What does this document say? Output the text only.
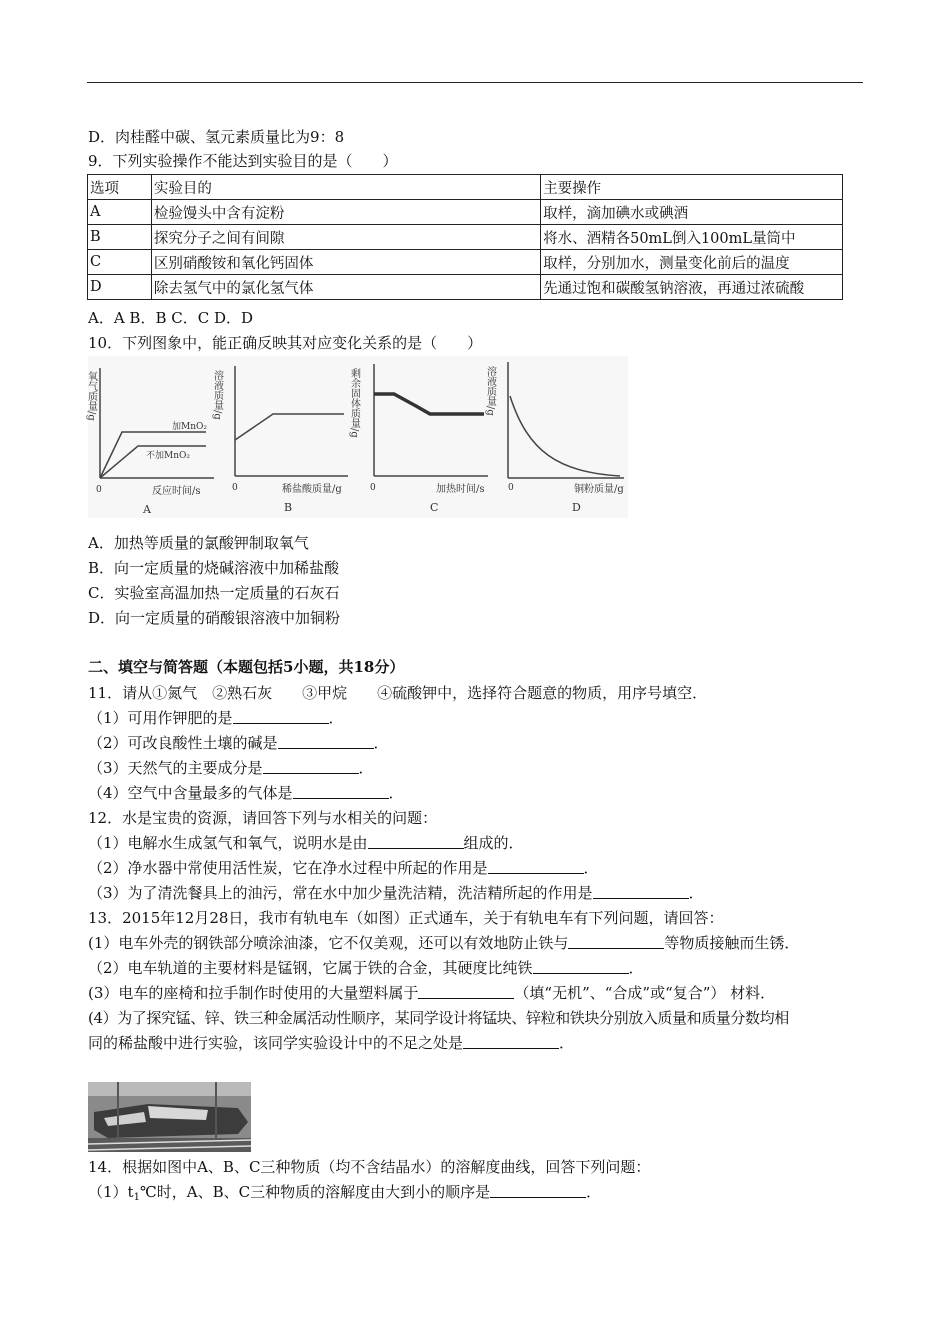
D．肉桂醛中碳、氢元素质量比为9：8
9．下列实验操作不能达到实验目的是（　　）
选项	实验目的	主要操作
A	检验馒头中含有淀粉	取样，滴加碘水或碘酒
B	探究分子之间有间隙	将水、酒精各50mL倒入100mL量筒中
C	区别硝酸铵和氧化钙固体	取样，分别加水，测量变化前后的温度
D	除去氢气中的氯化氢气体	先通过饱和碳酸氢钠溶液，再通过浓硫酸
A．A B．B C．C D．D
10．下列图象中，能正确反映其对应变化关系的是（　　）
氧气质量/g
加MnO₂
不加MnO₂
0	反应时间/s
A
溶液质量/g
0	稀盐酸质量/g
B
剩余固体质量/g
0	加热时间/s
C
溶液质量/g
0	铜粉质量/g
D
A．加热等质量的氯酸钾制取氧气
B．向一定质量的烧碱溶液中加稀盐酸
C．实验室高温加热一定质量的石灰石
D．向一定质量的硝酸银溶液中加铜粉
二、填空与简答题（本题包括5小题，共18分）
11．请从①氮气　②熟石灰　　③甲烷　　④硫酸钾中，选择符合题意的物质，用序号填空．
（1）可用作钾肥的是	．
（2）可改良酸性土壤的碱是	．
（3）天然气的主要成分是	．
（4）空气中含量最多的气体是	．
12．水是宝贵的资源，请回答下列与水相关的问题：
（1）电解水生成氢气和氧气，说明水是由	组成的．
（2）净水器中常使用活性炭，它在净水过程中所起的作用是	．
（3）为了清洗餐具上的油污，常在水中加少量洗洁精，洗洁精所起的作用是	．
13．2015年12月28日，我市有轨电车（如图）正式通车，关于有轨电车有下列问题，请回答：
(1）电车外壳的钢铁部分喷涂油漆，它不仅美观，还可以有效地防止铁与	等物质接触而生锈．
（2）电车轨道的主要材料是锰钢，它属于铁的合金，其硬度比纯铁	．
(3）电车的座椅和拉手制作时使用的大量塑料属于	（填“无机”、“合成”或“复合”） 材料．
(4）为了探究锰、锌、铁三种金属活动性顺序，某同学设计将锰块、锌粒和铁块分别放入质量和质量分数均相
同的稀盐酸中进行实验，该同学实验设计中的不足之处是	．
14．根据如图中A、B、C三种物质（均不含结晶水）的溶解度曲线，回答下列问题：
$(1)t_1℃$时，A、B、C三种物质的溶解度由大到小的顺序是	．
